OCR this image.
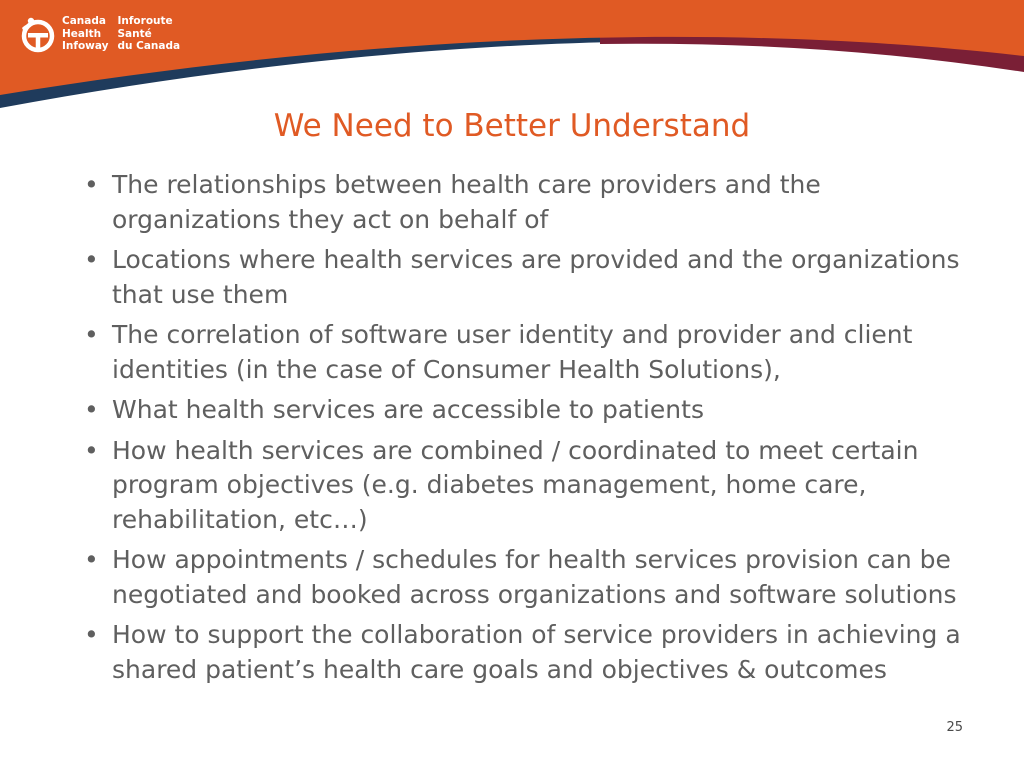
Canada
Health
Infoway
Inforoute
Santé
du Canada
We Need to Better Understand
• The relationships between health care providers and the organizations they act on behalf of
• Locations where health services are provided and the organizations that use them
• The correlation of software user identity and provider and client identities (in the case of Consumer Health Solutions),
• What health services are accessible to patients
• How health services are combined / coordinated to meet certain program objectives (e.g. diabetes management, home care, rehabilitation, etc…)
• How appointments / schedules for health services provision can be negotiated and booked across organizations and software solutions
• How to support the collaboration of service providers in achieving a shared patient’s health care goals and objectives & outcomes
25
